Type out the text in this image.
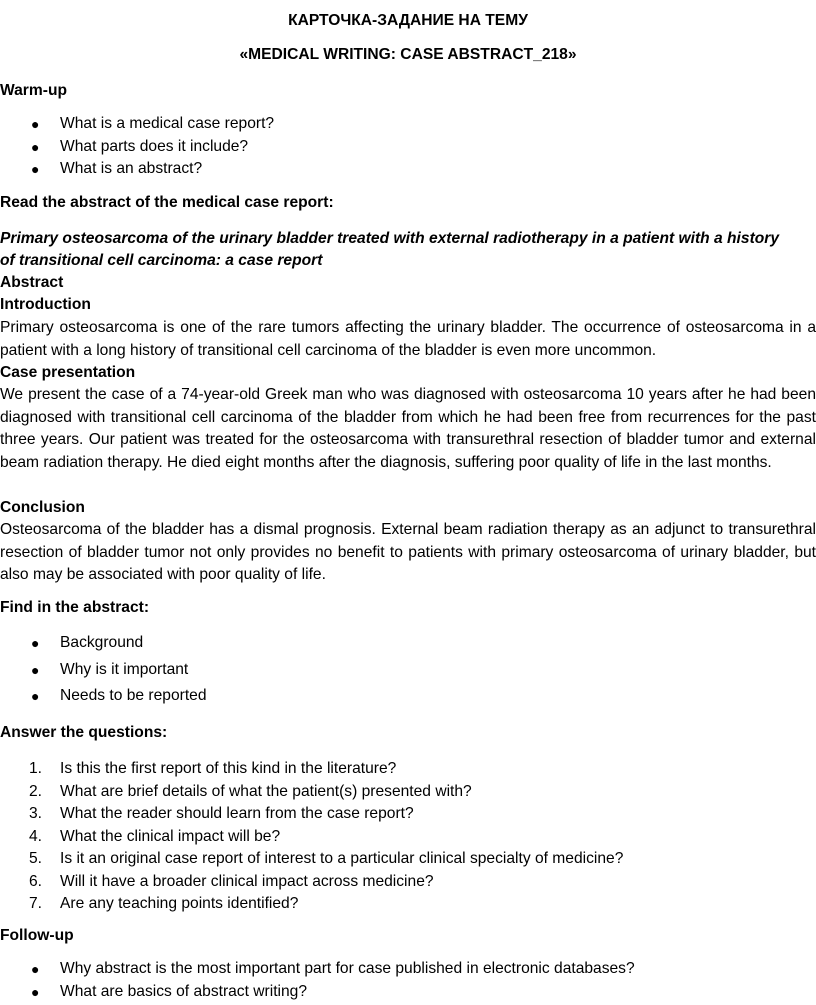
КАРТОЧКА-ЗАДАНИЕ НА ТЕМУ
«MEDICAL WRITING: CASE ABSTRACT_218»
Warm-up
● What is a medical case report?
● What parts does it include?
● What is an abstract?
Read the abstract of the medical case report:
Primary osteosarcoma of the urinary bladder treated with external radiotherapy in a patient with a history
of transitional cell carcinoma: a case report
Abstract
Introduction
Primary osteosarcoma is one of the rare tumors affecting the urinary bladder. The occurrence of osteosarcoma in a patient with a long history of transitional cell carcinoma of the bladder is even more uncommon.
Case presentation
We present the case of a 74-year-old Greek man who was diagnosed with osteosarcoma 10 years after he had been diagnosed with transitional cell carcinoma of the bladder from which he had been free from recurrences for the past three years. Our patient was treated for the osteosarcoma with transurethral resection of bladder tumor and external beam radiation therapy. He died eight months after the diagnosis, suffering poor quality of life in the last months.
Conclusion
Osteosarcoma of the bladder has a dismal prognosis. External beam radiation therapy as an adjunct to transurethral resection of bladder tumor not only provides no benefit to patients with primary osteosarcoma of urinary bladder, but also may be associated with poor quality of life.
Find in the abstract:
● Background
● Why is it important
● Needs to be reported
Answer the questions:
1. Is this the first report of this kind in the literature?
2. What are brief details of what the patient(s) presented with?
3. What the reader should learn from the case report?
4. What the clinical impact will be?
5. Is it an original case report of interest to a particular clinical specialty of medicine?
6. Will it have a broader clinical impact across medicine?
7. Are any teaching points identified?
Follow-up
● Why abstract is the most important part for case published in electronic databases?
● What are basics of abstract writing?
